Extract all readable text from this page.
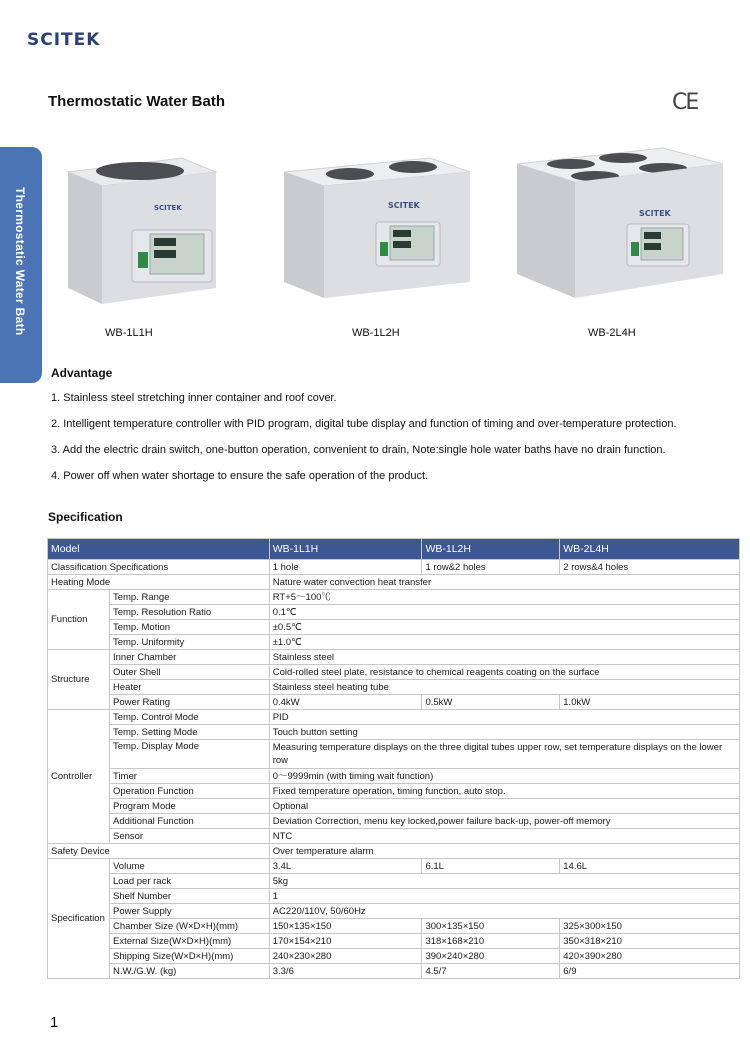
SCITEK
Thermostatic Water Bath	CE
Thermostatic Water Bath	SCITEK
WB-1L1H
SCITEK
WB-1L2H
SCITEK
WB-2L4H
Advantage
1. Stainless steel stretching inner container and roof cover.
2. Intelligent temperature controller with PID program, digital tube display and function of timing and over-temperature protection.
3. Add the electric drain switch, one-button operation, convenient to drain, Note:single hole water baths have no drain function.
4. Power off when water shortage to ensure the safe operation of the product.
Specification
Model		WB-1L1H	WB-1L2H	WB-2L4H
Classification Specifications		1 hole	1 row&2 holes	2 rows&4 holes
Heating Mode		Nature water convection heat transfer		
Function	Temp. Range	RT+5～100℃		
	Temp. Resolution Ratio	0.1℃		
	Temp. Motion	±0.5℃		
	Temp. Uniformity	±1.0℃		
Structure	Inner Chamber	Stainless steel		
	Outer Shell	Cold-rolled steel plate, resistance to chemical reagents coating on the surface		
	Heater	Stainless steel heating tube		
	Power Rating	0.4kW	0.5kW	1.0kW
Controller	Temp. Control Mode	PID		
	Temp. Setting Mode	Touch button setting		
	Temp. Display Mode	Measuring temperature displays on the three digital tubes upper row, set temperature displays on the lower row		
	Timer	0～9999min (with timing wait function)		
	Operation Function	Fixed temperature operation, timing function, auto stop.		
	Program Mode	Optional		
	Additional Function	Deviation Correction, menu key locked,power failure back-up, power-off memory		
	Sensor	NTC		
Safety Device		Over temperature alarm		
Specification	Volume	3.4L	6.1L	14.6L
	Load per rack	5kg		
	Shelf Number	1		
	Power Supply	AC220/110V, 50/60Hz		
	Chamber Size (W×D×H)(mm)	150×135×150	300×135×150	325×300×150
	External Size(W×D×H)(mm)	170×154×210	318×168×210	350×318×210
	Shipping Size(W×D×H)(mm)	240×230×280	390×240×280	420×390×280
	N.W./G.W. (kg)	3.3/6	4.5/7	6/9
1
